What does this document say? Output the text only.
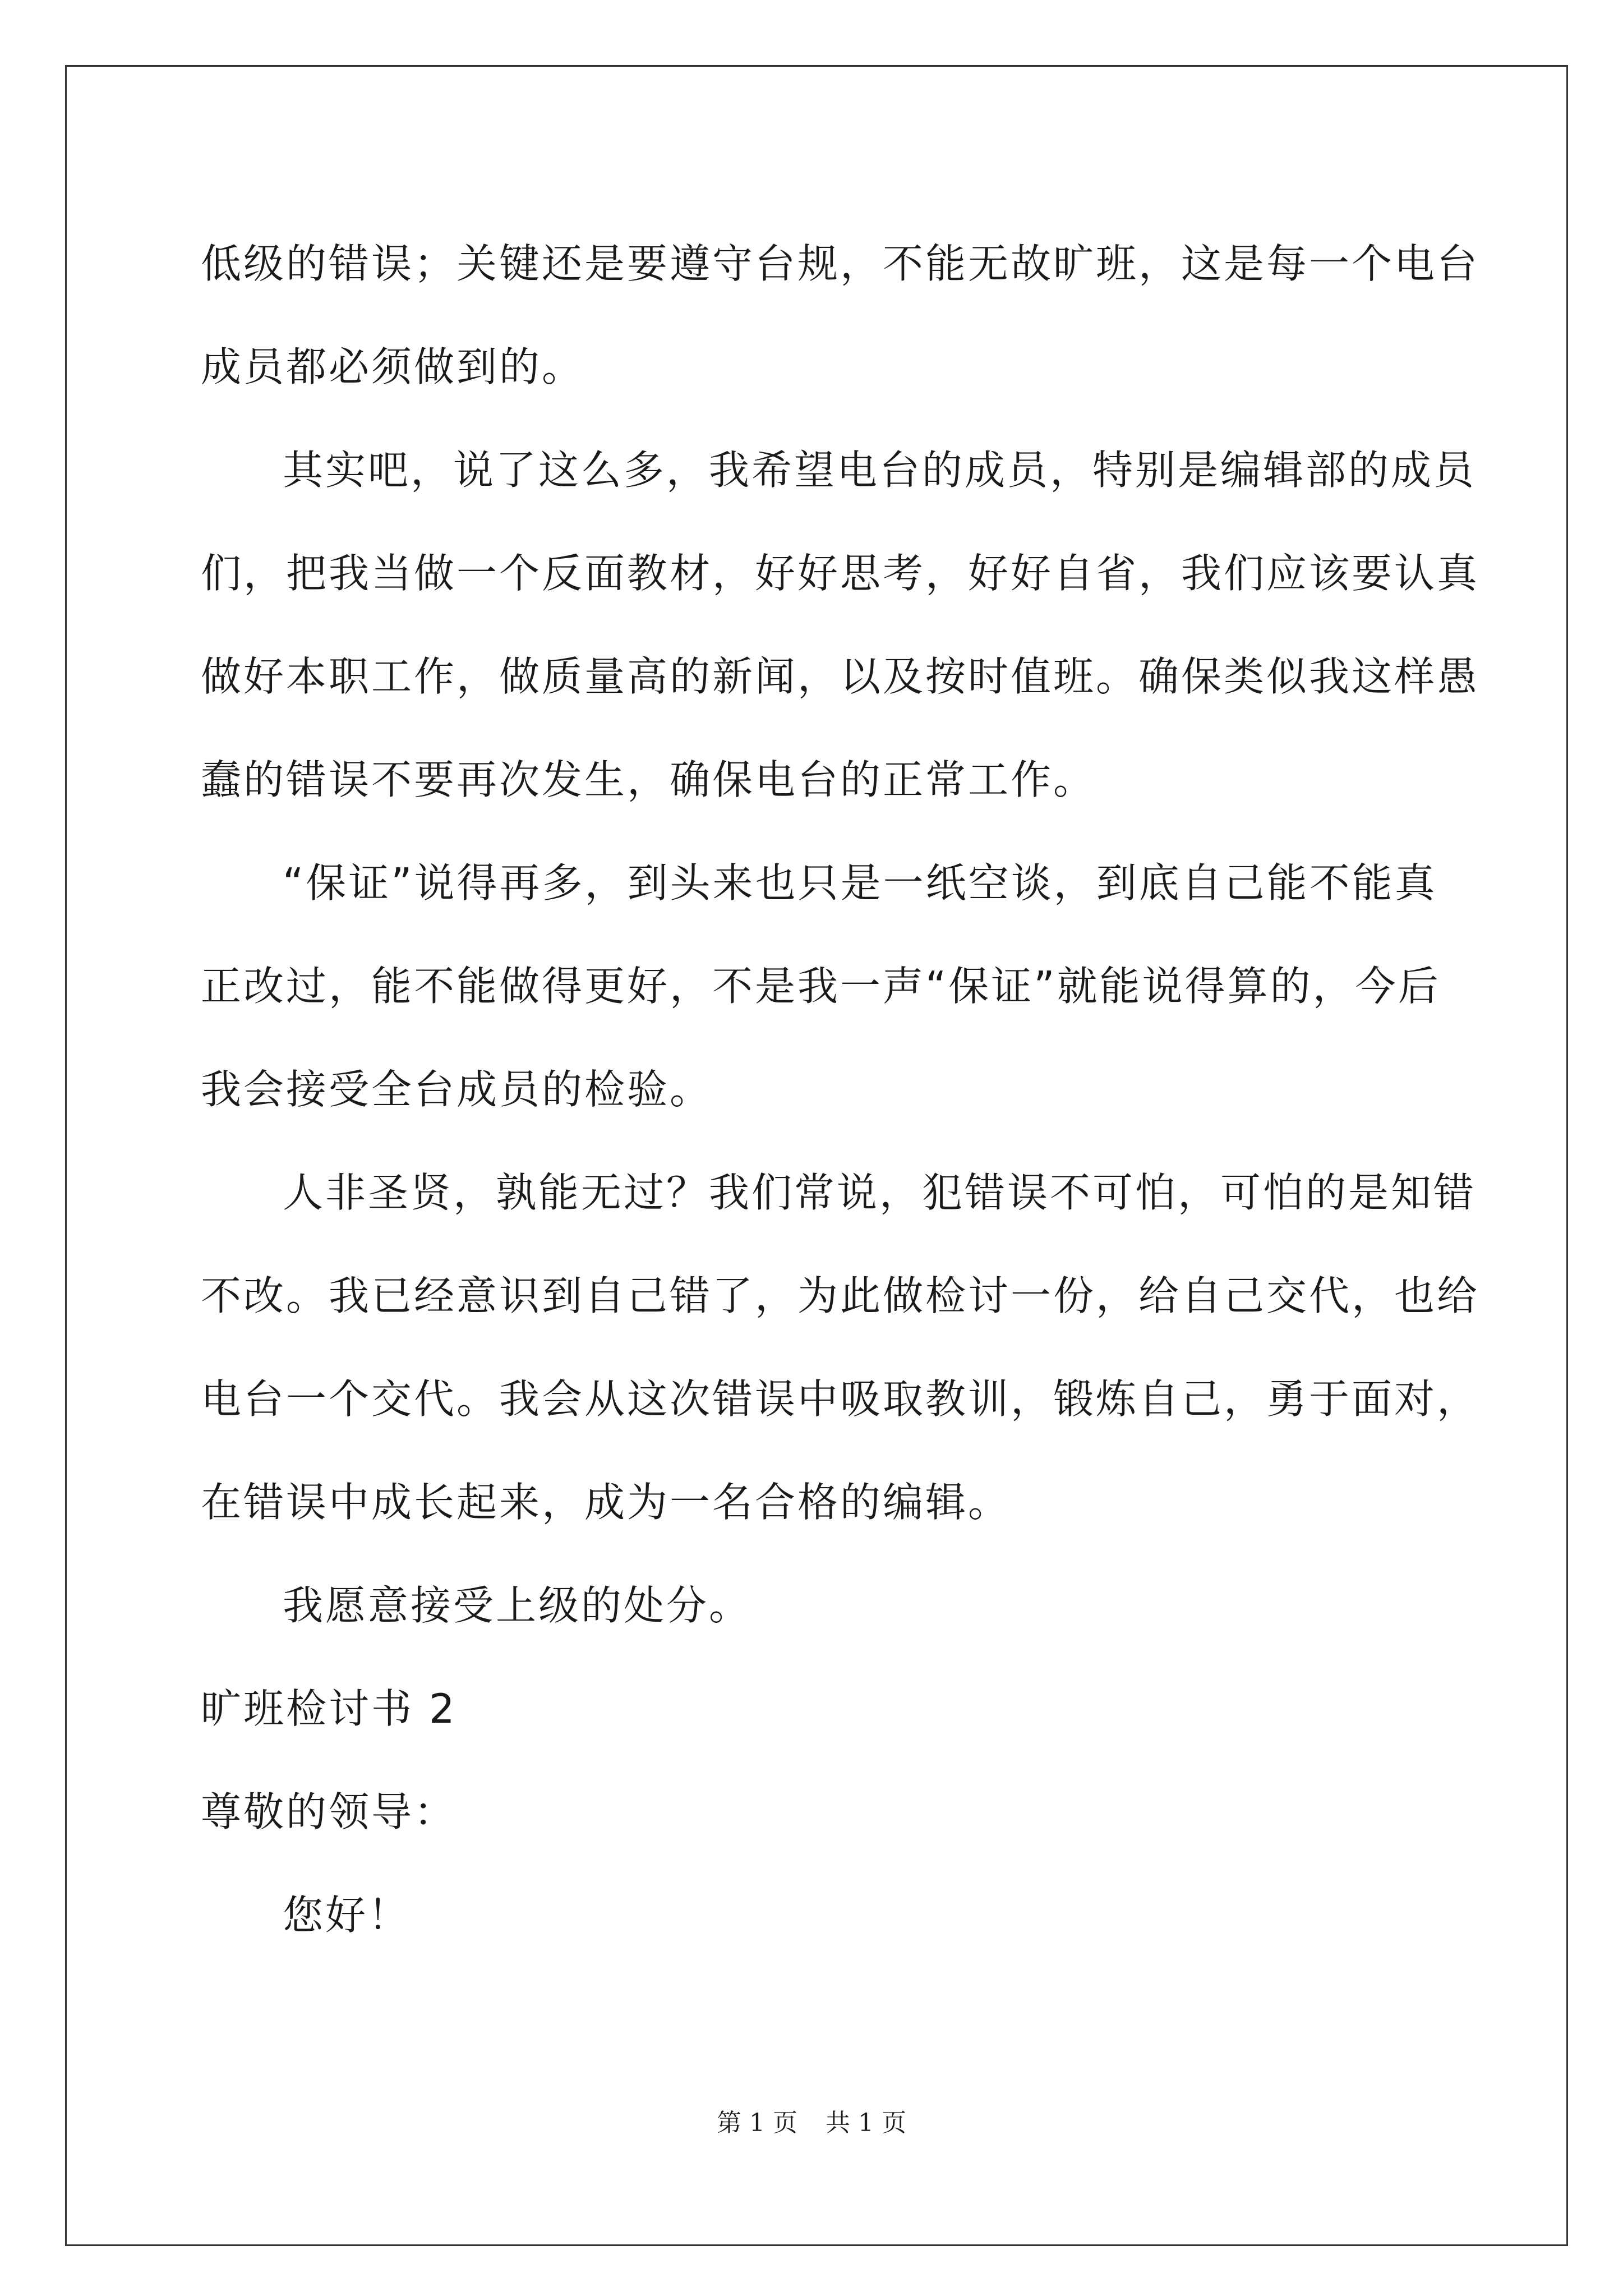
低级的错误；关键还是要遵守台规，不能无故旷班，这是每一个电台
成员都必须做到的。
其实吧，说了这么多，我希望电台的成员，特别是编辑部的成员
们，把我当做一个反面教材，好好思考，好好自省，我们应该要认真
做好本职工作，做质量高的新闻，以及按时值班。确保类似我这样愚
蠢的错误不要再次发生，确保电台的正常工作。
“保证”说得再多，到头来也只是一纸空谈，到底自己能不能真
正改过，能不能做得更好，不是我一声“保证”就能说得算的，今后
我会接受全台成员的检验。
人非圣贤，孰能无过？我们常说，犯错误不可怕，可怕的是知错
不改。我已经意识到自己错了，为此做检讨一份，给自己交代，也给
电台一个交代。我会从这次错误中吸取教训，锻炼自己，勇于面对，
在错误中成长起来，成为一名合格的编辑。
我愿意接受上级的处分。
旷班检讨书 2
尊敬的领导：
您好！
第 1 页 共 1 页
